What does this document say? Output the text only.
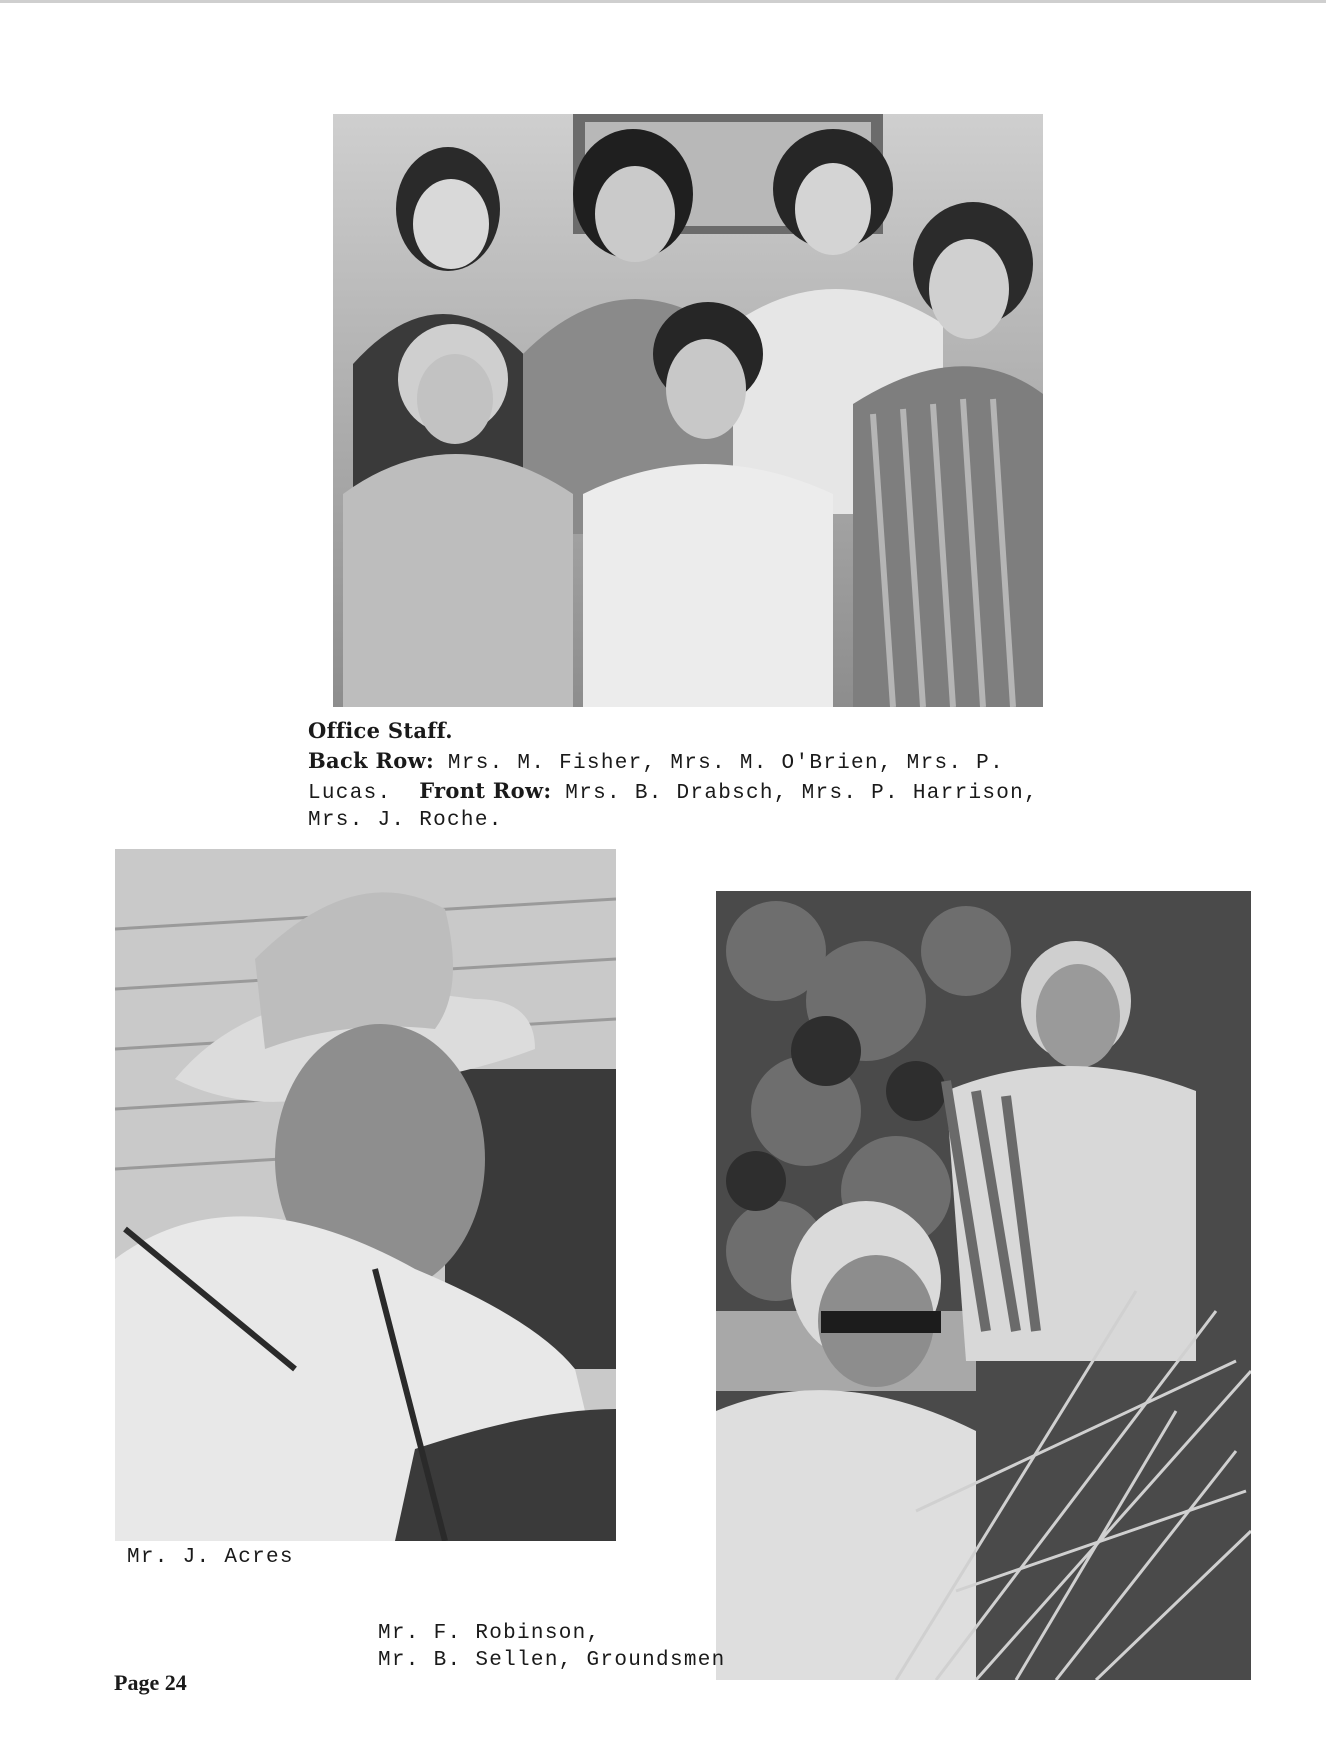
Office Staff.
Back Row: Mrs. M. Fisher, Mrs. M. O'Brien, Mrs. P.
Lucas.  Front Row: Mrs. B. Drabsch, Mrs. P. Harrison,
Mrs. J. Roche.
Mr. J. Acres
Mr. F. Robinson,
Mr. B. Sellen, Groundsmen
Page 24
